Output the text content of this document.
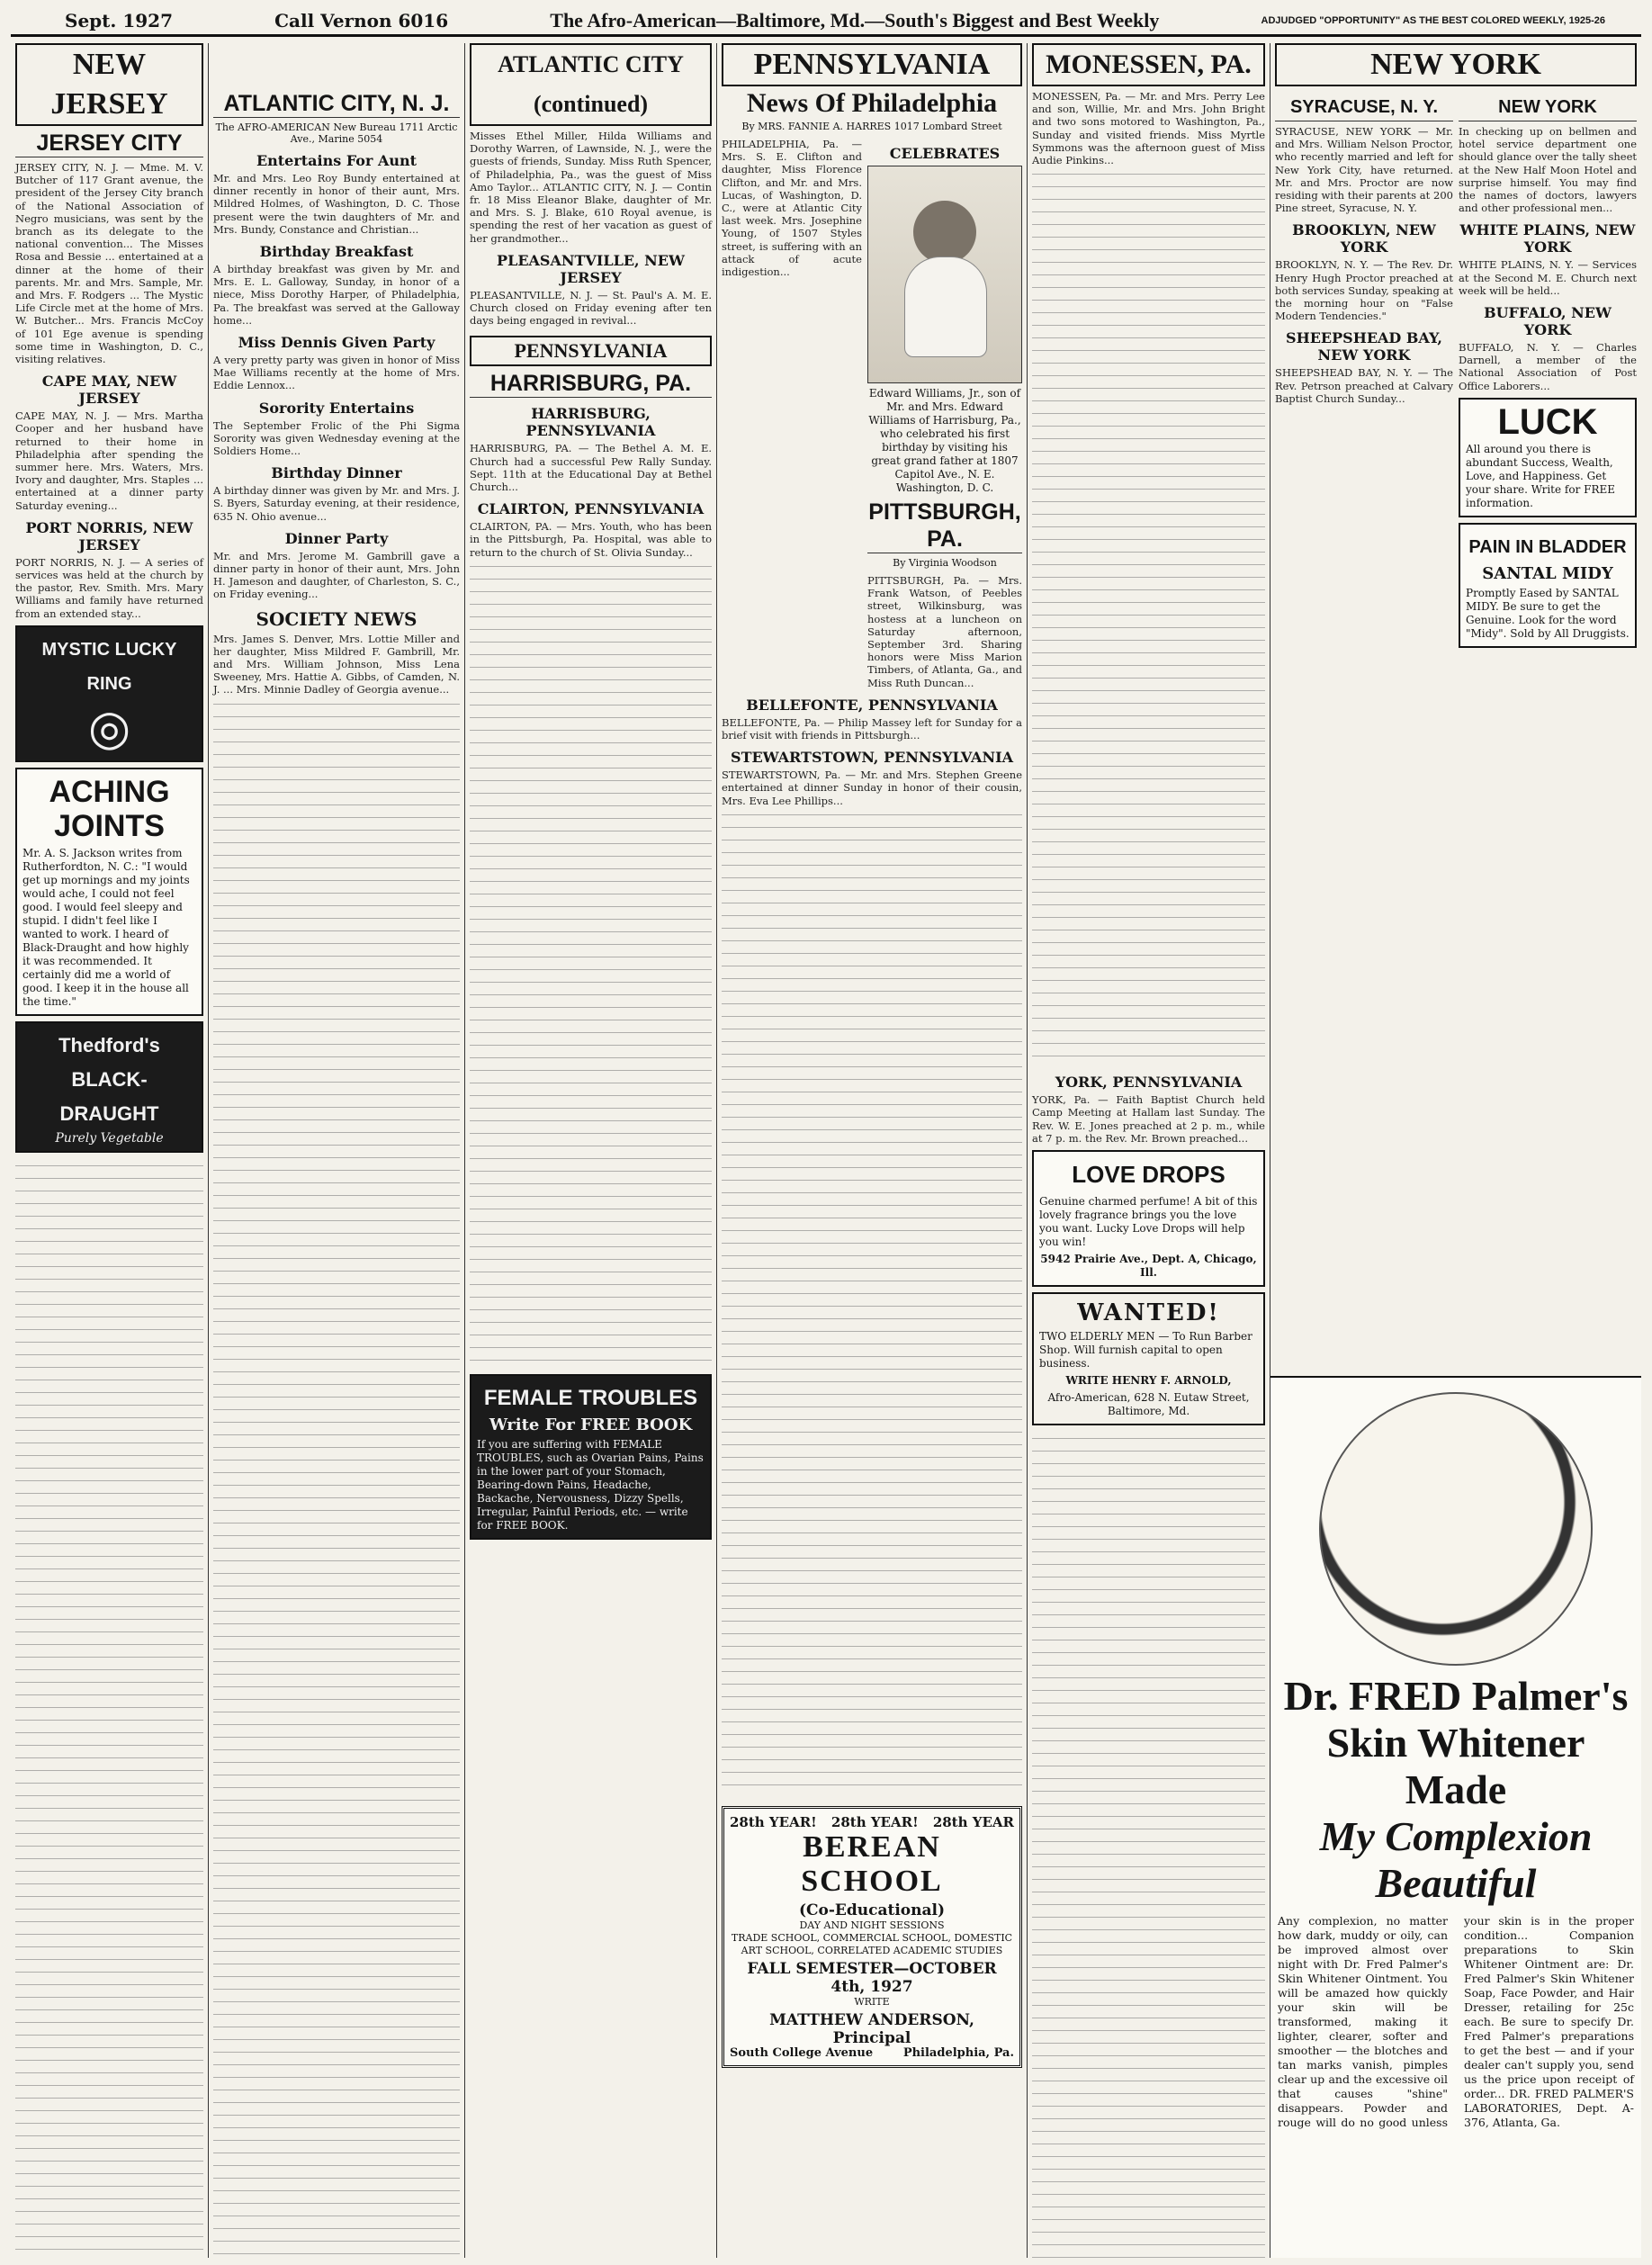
Sept. 1927	Call Vernon 6016	The Afro-American—Baltimore, Md.—South's Biggest and Best Weekly	ADJUDGED "OPPORTUNITY" AS THE BEST COLORED WEEKLY, 1925-26
NEW JERSEY
JERSEY CITY

JERSEY CITY, N. J. — Mme. M. V. Butcher of 117 Grant avenue, the president of the Jersey City branch of the National Association of Negro musicians, was sent by the branch as its delegate to the national convention... The Misses Rosa and Bessie ... entertained at a dinner at the home of their parents. Mr. and Mrs. Sample, Mr. and Mrs. F. Rodgers ... The Mystic Life Circle met at the home of Mrs. W. Butcher... Mrs. Francis McCoy of 101 Ege avenue is spending some time in Washington, D. C., visiting relatives.

CAPE MAY, NEW JERSEY

CAPE MAY, N. J. — Mrs. Martha Cooper and her husband have returned to their home in Philadelphia after spending the summer here. Mrs. Waters, Mrs. Ivory and daughter, Mrs. Staples ... entertained at a dinner party Saturday evening...

PORT NORRIS, NEW JERSEY

PORT NORRIS, N. J. — A series of services was held at the church by the pastor, Rev. Smith. Mrs. Mary Williams and family have returned from an extended stay...

MYSTIC LUCKY RING
◎
ACHING JOINTS
Mr. A. S. Jackson writes from Rutherfordton, N. C.: "I would get up mornings and my joints would ache, I could not feel good. I would feel sleepy and stupid. I didn't feel like I wanted to work. I heard of Black-Draught and how highly it was recommended. It certainly did me a world of good. I keep it in the house all the time."
Thedford's BLACK-DRAUGHT
Purely Vegetable
ATLANTIC CITY, N. J.
The AFRO-AMERICAN New Bureau 1711 Arctic Ave., Marine 5054
Entertains For Aunt

Mr. and Mrs. Leo Roy Bundy entertained at dinner recently in honor of their aunt, Mrs. Mildred Holmes, of Washington, D. C. Those present were the twin daughters of Mr. and Mrs. Bundy, Constance and Christian...

Birthday Breakfast

A birthday breakfast was given by Mr. and Mrs. E. L. Galloway, Sunday, in honor of a niece, Miss Dorothy Harper, of Philadelphia, Pa. The breakfast was served at the Galloway home...

Miss Dennis Given Party

A very pretty party was given in honor of Miss Mae Williams recently at the home of Mrs. Eddie Lennox...

Sorority Entertains

The September Frolic of the Phi Sigma Sorority was given Wednesday evening at the Soldiers Home...

Birthday Dinner

A birthday dinner was given by Mr. and Mrs. J. S. Byers, Saturday evening, at their residence, 635 N. Ohio avenue...

Dinner Party

Mr. and Mrs. Jerome M. Gambrill gave a dinner party in honor of their aunt, Mrs. John H. Jameson and daughter, of Charleston, S. C., on Friday evening...

SOCIETY NEWS

Mrs. James S. Denver, Mrs. Lottie Miller and her daughter, Miss Mildred F. Gambrill, Mr. and Mrs. William Johnson, Miss Lena Sweeney, Mrs. Hattie A. Gibbs, of Camden, N. J. ... Mrs. Minnie Dadley of Georgia avenue...

ATLANTIC CITY (continued)

Misses Ethel Miller, Hilda Williams and Dorothy Warren, of Lawnside, N. J., were the guests of friends, Sunday. Miss Ruth Spencer, of Philadelphia, Pa., was the guest of Miss Amo Taylor... ATLANTIC CITY, N. J. — Contin fr. 18 Miss Eleanor Blake, daughter of Mr. and Mrs. S. J. Blake, 610 Royal avenue, is spending the rest of her vacation as guest of her grandmother...

PLEASANTVILLE, NEW JERSEY

PLEASANTVILLE, N. J. — St. Paul's A. M. E. Church closed on Friday evening after ten days being engaged in revival...

PENNSYLVANIA
HARRISBURG, PA.
HARRISBURG, PENNSYLVANIA

HARRISBURG, PA. — The Bethel A. M. E. Church had a successful Pew Rally Sunday. Sept. 11th at the Educational Day at Bethel Church...

CLAIRTON, PENNSYLVANIA

CLAIRTON, PA. — Mrs. Youth, who has been in the Pittsburgh, Pa. Hospital, was able to return to the church of St. Olivia Sunday...

FEMALE TROUBLES
Write For FREE BOOK
If you are suffering with FEMALE TROUBLES, such as Ovarian Pains, Pains in the lower part of your Stomach, Bearing-down Pains, Headache, Backache, Nervousness, Dizzy Spells, Irregular, Painful Periods, etc. — write for FREE BOOK.
PENNSYLVANIA
News Of Philadelphia
By MRS. FANNIE A. HARRES 1017 Lombard Street

PHILADELPHIA, Pa. — Mrs. S. E. Clifton and daughter, Miss Florence Clifton, and Mr. and Mrs. Lucas, of Washington, D. C., were at Atlantic City last week. Mrs. Josephine Young, of 1507 Styles street, is suffering with an attack of acute indigestion...

CELEBRATES
Edward Williams, Jr., son of Mr. and Mrs. Edward Williams of Harrisburg, Pa., who celebrated his first birthday by visiting his great grand father at 1807 Capitol Ave., N. E. Washington, D. C.
PITTSBURGH, PA.
By Virginia Woodson

PITTSBURGH, Pa. — Mrs. Frank Watson, of Peebles street, Wilkinsburg, was hostess at a luncheon on Saturday afternoon, September 3rd. Sharing honors were Miss Marion Timbers, of Atlanta, Ga., and Miss Ruth Duncan...

BELLEFONTE, PENNSYLVANIA

BELLEFONTE, Pa. — Philip Massey left for Sunday for a brief visit with friends in Pittsburgh...

STEWARTSTOWN, PENNSYLVANIA

STEWARTSTOWN, Pa. — Mr. and Mrs. Stephen Greene entertained at dinner Sunday in honor of their cousin, Mrs. Eva Lee Phillips...

28th YEAR! 28th YEAR! 28th YEAR
BEREAN SCHOOL
(Co-Educational)
DAY AND NIGHT SESSIONS
TRADE SCHOOL, COMMERCIAL SCHOOL, DOMESTIC ART SCHOOL, CORRELATED ACADEMIC STUDIES
FALL SEMESTER—OCTOBER 4th, 1927
WRITE
MATTHEW ANDERSON, Principal
South College Avenue	Philadelphia, Pa.
MONESSEN, PA.

MONESSEN, Pa. — Mr. and Mrs. Perry Lee and son, Willie, Mr. and Mrs. John Bright and two sons motored to Washington, Pa., Sunday and visited friends. Miss Myrtle Symmons was the afternoon guest of Miss Audie Pinkins...

YORK, PENNSYLVANIA

YORK, Pa. — Faith Baptist Church held Camp Meeting at Hallam last Sunday. The Rev. W. E. Jones preached at 2 p. m., while at 7 p. m. the Rev. Mr. Brown preached...

LOVE DROPS
Genuine charmed perfume! A bit of this lovely fragrance brings you the love you want. Lucky Love Drops will help you win!
5942 Prairie Ave., Dept. A, Chicago, Ill.
WANTED!
TWO ELDERLY MEN — To Run Barber Shop. Will furnish capital to open business.
WRITE HENRY F. ARNOLD,
Afro-American, 628 N. Eutaw Street, Baltimore, Md.
NEW YORK
SYRACUSE, N. Y.

SYRACUSE, NEW YORK — Mr. and Mrs. William Nelson Proctor, who recently married and left for New York City, have returned. Mr. and Mrs. Proctor are now residing with their parents at 200 Pine street, Syracuse, N. Y.

BROOKLYN, NEW YORK

BROOKLYN, N. Y. — The Rev. Dr. Henry Hugh Proctor preached at both services Sunday, speaking at the morning hour on "False Modern Tendencies."

SHEEPSHEAD BAY, NEW YORK

SHEEPSHEAD BAY, N. Y. — The Rev. Petrson preached at Calvary Baptist Church Sunday...

NEW YORK

In checking up on bellmen and hotel service department one should glance over the tally sheet at the New Half Moon Hotel and surprise himself. You may find the names of doctors, lawyers and other professional men...

WHITE PLAINS, NEW YORK

WHITE PLAINS, N. Y. — Services at the Second M. E. Church next week will be held...

BUFFALO, NEW YORK

BUFFALO, N. Y. — Charles Darnell, a member of the National Association of Post Office Laborers...

LUCK
All around you there is abundant Success, Wealth, Love, and Happiness. Get your share. Write for FREE information.
PAIN IN BLADDER
SANTAL MIDY
Promptly Eased by SANTAL MIDY. Be sure to get the Genuine. Look for the word "Midy". Sold by All Druggists.
Dr. FRED Palmer's
Skin Whitener Made
My Complexion Beautiful
Any complexion, no matter how dark, muddy or oily, can be improved almost over night with Dr. Fred Palmer's Skin Whitener Ointment. You will be amazed how quickly your skin will be transformed, making it lighter, clearer, softer and smoother — the blotches and tan marks vanish, pimples clear up and the excessive oil that causes "shine" disappears. Powder and rouge will do no good unless your skin is in the proper condition... Companion preparations to Skin Whitener Ointment are: Dr. Fred Palmer's Skin Whitener Soap, Face Powder, and Hair Dresser, retailing for 25c each. Be sure to specify Dr. Fred Palmer's preparations to get the best — and if your dealer can't supply you, send us the price upon receipt of order... DR. FRED PALMER'S LABORATORIES, Dept. A-376, Atlanta, Ga.
